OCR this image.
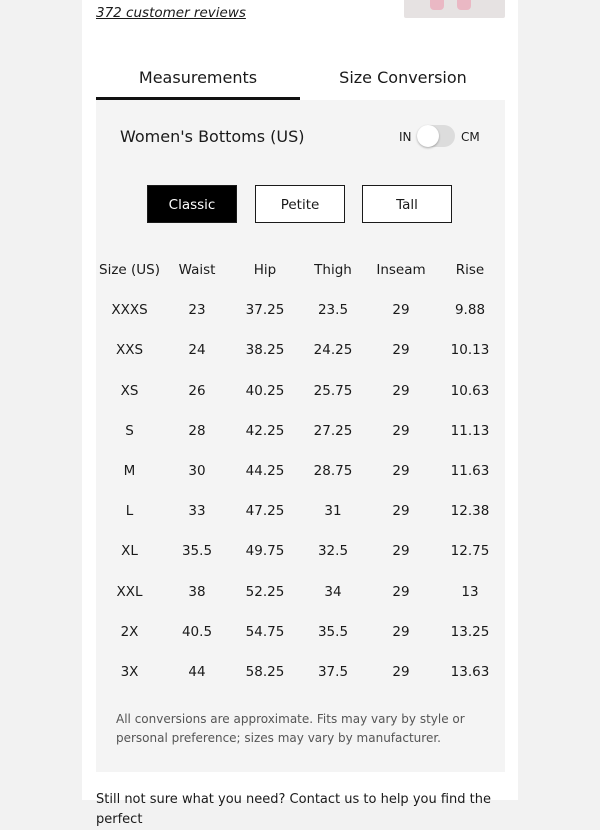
372 customer reviews
Measurements	Size Conversion
Women's Bottoms (US)	IN	CM
Classic	Petite	Tall
Size (US)	Waist	Hip	Thigh	Inseam	Rise
XXXS	23	37.25	23.5	29	9.88
XXS	24	38.25	24.25	29	10.13
XS	26	40.25	25.75	29	10.63
S	28	42.25	27.25	29	11.13
M	30	44.25	28.75	29	11.63
L	33	47.25	31	29	12.38
XL	35.5	49.75	32.5	29	12.75
XXL	38	52.25	34	29	13
2X	40.5	54.75	35.5	29	13.25
3X	44	58.25	37.5	29	13.63
All conversions are approximate. Fits may vary by style or personal preference; sizes may vary by manufacturer.
Still not sure what you need? Contact us to help you find the perfect
